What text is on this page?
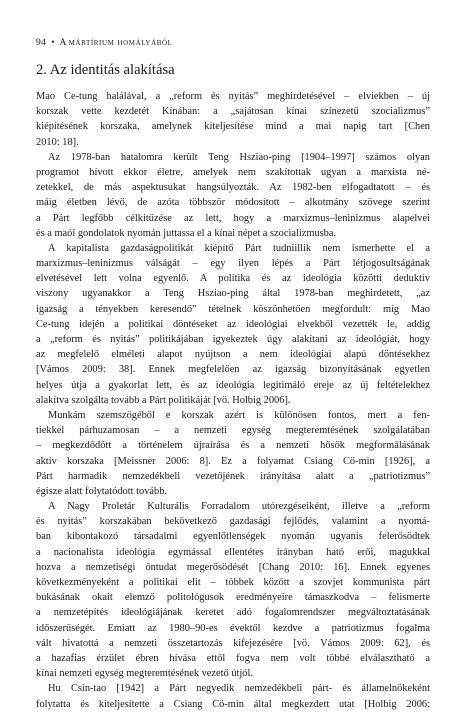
94 • A mártírium homályából
2. Az identitás alakítása
Mao Ce-tung halálával, a „reform és nyitás” meghirdetésével – elviekben – új
korszak vette kezdetét Kínában: a „sajátosan kínai színezetű szocializmus”
kiépítésének korszaka, amelynek kiteljesítése mind a mai napig tart [Chen
2010: 18].
Az 1978-ban hatalomra került Teng Hsziao-ping [1904–1997] számos olyan
programot hívott ekkor életre, amelyek nem szakítottak ugyan a marxista né-
zetekkel, de más aspektusukat hangsúlyozták. Az 1982-ben elfogadtatott – és
máig életben lévő, de azóta többször módosított – alkotmány szövege szerint
a Párt legfőbb célkitűzése az lett, hogy a marxizmus–leninizmus alapelvei
és a maói gondolatok nyomán juttassa el a kínai népet a szocializmusba.
A kapitalista gazdaságpolitikát kiépítő Párt tudniillik nem ismerhette el a
marxizmus–leninizmus válságát – egy ilyen lépés a Párt létjogosultságának
elvetésével lett volna egyenlő. A politika és az ideológia közötti deduktív
viszony ugyanakkor a Teng Hsziao-ping által 1978-ban meghirdetett, „az
igazság a tényekben keresendő” tételnek köszönhetően megfordult: míg Mao
Ce-tung idején a politikai döntéseket az ideológiai elvekből vezették le, addig
a „reform és nyitás” politikájában igyekeztek úgy alakítani az ideológiát, hogy
az megfelelő elméleti alapot nyújtson a nem ideológiai alapú döntésekhez
[Vámos 2009: 38]. Ennek megfelelően az igazság bizonyításának egyetlen
helyes útja a gyakorlat lett, és az ideológia legitimáló ereje az új feltételekhez
alakítva szolgálta tovább a Párt politikáját [vö. Holbig 2006].
Munkám szemszögéből e korszak azért is különösen fontos, mert a fen-
tiekkel párhuzamosan – a nemzeti egység megteremtésének szolgálatában
– megkezdődött a történelem újraírása és a nemzeti hősök megformálásának
aktív korszaka [Meissner 2006: 8]. Ez a folyamat Csiang Cö-min [1926], a
Párt harmadik nemzedékbeli vezetőjének irányítása alatt a „patriotizmus”
égisze alatt folytatódott tovább.
A Nagy Proletár Kulturális Forradalom utórezgéseiként, illetve a „reform
és nyitás” korszakában bekövetkező gazdasági fejlődés, valamint a nyomá-
ban kibontakozó társadalmi egyenlőtlenségek nyomán ugyanis felerősödtek
a nacionalista ideológia egymással ellentétes irányban ható erői, magukkal
hozva a nemzetiségi öntudat megerősödését [Chang 2010: 16]. Ennek egyenes
következményeként a politikai elit – többek között a szovjet kommunista párt
bukásának okait elemző politológusok eredményeire támaszkodva – felismerte
a nemzetépítés ideológiájának keretet adó fogalomrendszer megváltoztatásának
időszerűségét. Emiatt az 1980–90-es évektől kezdve a patriotizmus fogalma
vált hivatottá a nemzeti összetartozás kifejezésére [vö. Vámos 2009: 62], és
a hazafias érzület ébren hívása ettől fogva nem volt többé elválaszthatő a
kínai nemzeti egység megteremtésének vezető útjól.
Hu Csin-tao [1942] a Párt negyedik nemzedékbeli párt- és államelnökeként
folytatta és kiteljesítette a Csiang Cö-min által megkezdett utat [Holbig 2006:
